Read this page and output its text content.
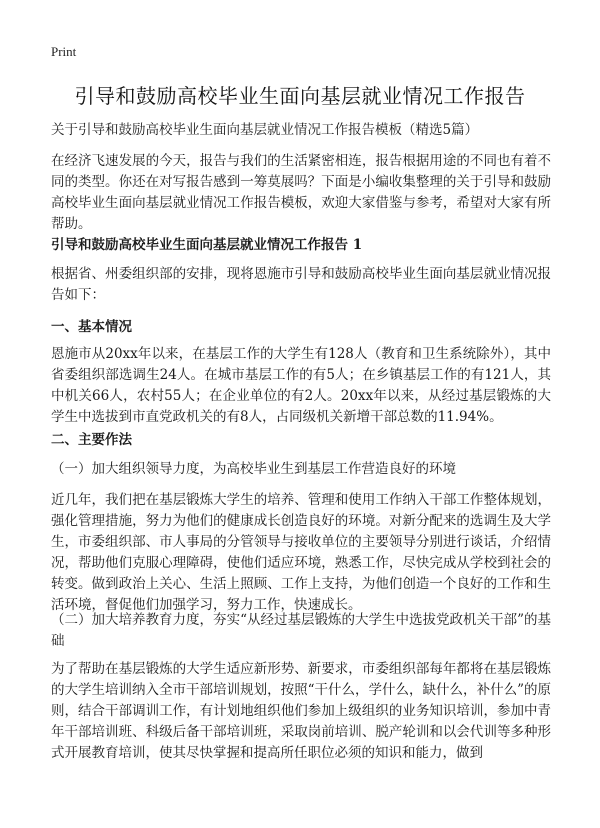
Print
引导和鼓励高校毕业生面向基层就业情况工作报告

关于引导和鼓励高校毕业生面向基层就业情况工作报告模板（精选5篇）

在经济飞速发展的今天，报告与我们的生活紧密相连，报告根据用途的不同也有着不同的类型。你还在对写报告感到一筹莫展吗？下面是小编收集整理的关于引导和鼓励高校毕业生面向基层就业情况工作报告模板，欢迎大家借鉴与参考，希望对大家有所帮助。

引导和鼓励高校毕业生面向基层就业情况工作报告 1

根据省、州委组织部的安排，现将恩施市引导和鼓励高校毕业生面向基层就业情况报告如下：

一、基本情况

恩施市从20xx年以来，在基层工作的大学生有128人（教育和卫生系统除外），其中省委组织部选调生24人。在城市基层工作的有5人；在乡镇基层工作的有121人，其中机关66人，农村55人；在企业单位的有2人。20xx年以来，从经过基层锻炼的大学生中选拔到市直党政机关的有8人，占同级机关新增干部总数的11.94%。

二、主要作法

（一）加大组织领导力度，为高校毕业生到基层工作营造良好的环境

近几年，我们把在基层锻炼大学生的培养、管理和使用工作纳入干部工作整体规划，强化管理措施，努力为他们的健康成长创造良好的环境。对新分配来的选调生及大学生，市委组织部、市人事局的分管领导与接收单位的主要领导分别进行谈话，介绍情况，帮助他们克服心理障碍，使他们适应环境，熟悉工作，尽快完成从学校到社会的转变。做到政治上关心、生活上照顾、工作上支持，为他们创造一个良好的工作和生活环境，督促他们加强学习，努力工作，快速成长。

（二）加大培养教育力度，夯实“从经过基层锻炼的大学生中选拔党政机关干部”的基础

为了帮助在基层锻炼的大学生适应新形势、新要求，市委组织部每年都将在基层锻炼的大学生培训纳入全市干部培训规划，按照“干什么，学什么，缺什么，补什么”的原则，结合干部调训工作，有计划地组织他们参加上级组织的业务知识培训，参加中青年干部培训班、科级后备干部培训班，采取岗前培训、脱产轮训和以会代训等多种形式开展教育培训，使其尽快掌握和提高所任职位必须的知识和能力，做到
